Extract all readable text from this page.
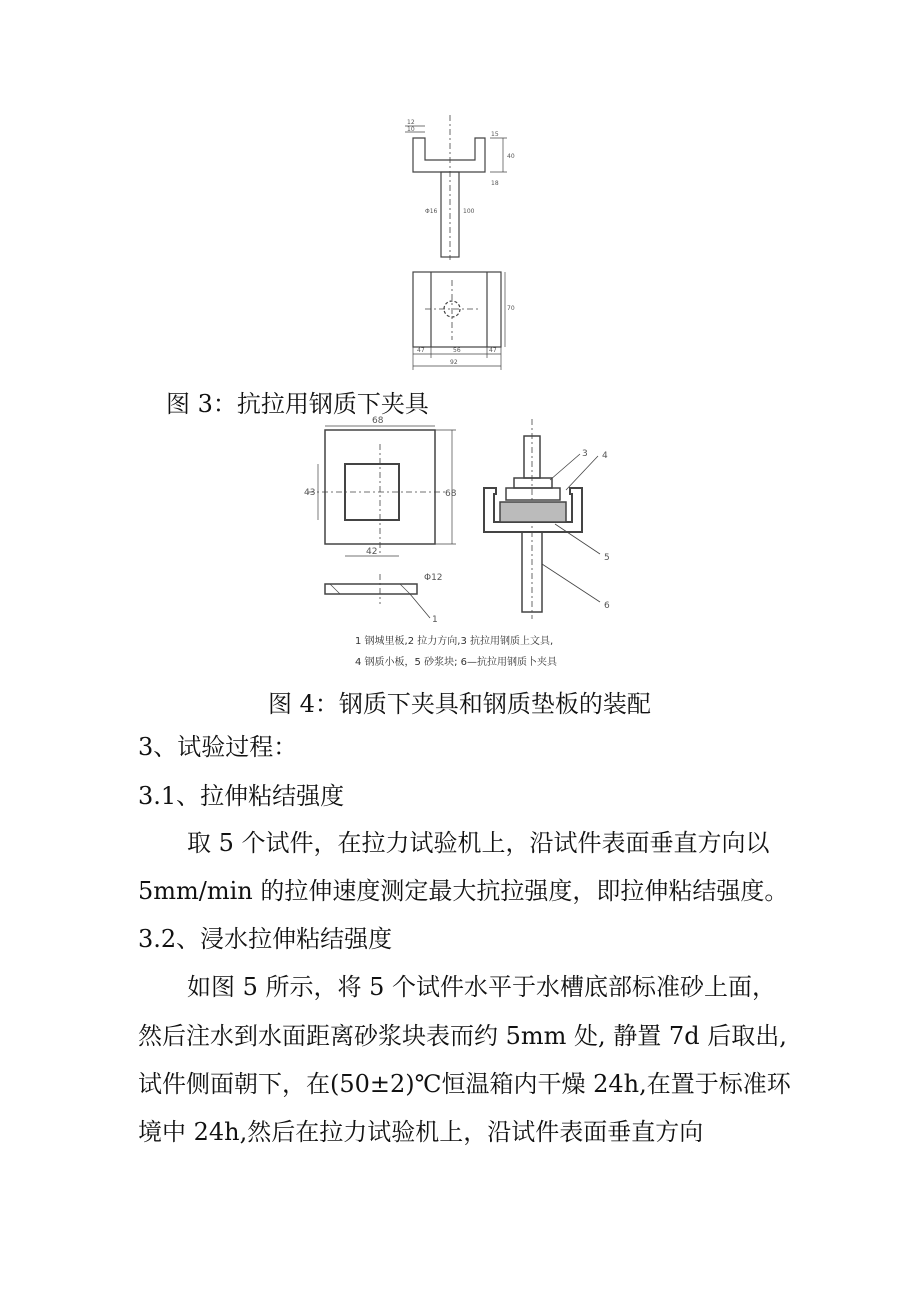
12
10
15
40
18
Φ16	100
70
47	56	47
92
图 3：抗拉用钢质下夹具
68
43	68
42
Φ12
3 4
5
6
1
1 钢城里板,2 拉力方向,3 抗拉用钢质上文具,
4 钢质小板，5 砂浆块; 6—抗拉用钢质卜夹具
图 4：钢质下夹具和钢质垫板的装配
3、试验过程：
3.1、拉伸粘结强度
取 5 个试件，在拉力试验机上，沿试件表面垂直方向以
5mm/min 的拉伸速度测定最大抗拉强度，即拉伸粘结强度。
3.2、浸水拉伸粘结强度
如图 5 所示，将 5 个试件水平于水槽底部标准砂上面，
然后注水到水面距离砂浆块表而约 5mm 处, 静置 7d 后取出,
试件侧面朝下，在(50±2)℃恒温箱内干燥 24h,在置于标准环
境中 24h,然后在拉力试验机上，沿试件表面垂直方向
